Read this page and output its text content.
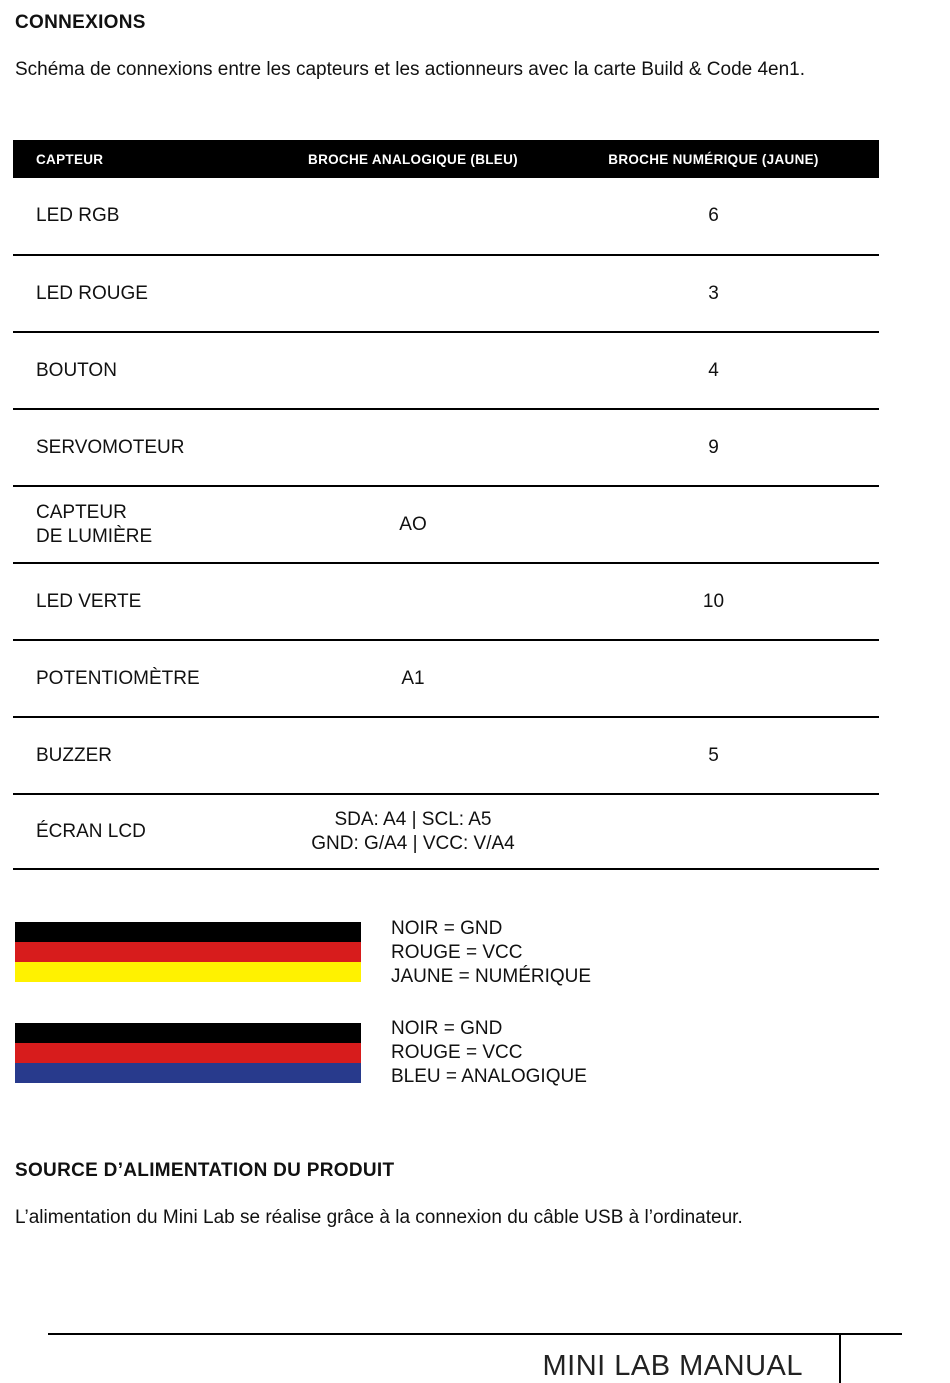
CONNEXIONS

Schéma de connexions entre les capteurs et les actionneurs avec la carte Build & Code 4en1.

CAPTEUR	BROCHE ANALOGIQUE (BLEU)	BROCHE NUMÉRIQUE (JAUNE)

LED RGB		6

LED ROUGE		3

BOUTON		4

SERVOMOTEUR		9

CAPTEUR
DE LUMIÈRE	AO	

LED VERTE		10

POTENTIOMÈTRE	A1	

BUZZER		5

ÉCRAN LCD	SDA: A4 | SCL: A5
GND: G/A4 | VCC: V/A4	

NOIR = GND
ROUGE = VCC
JAUNE = NUMÉRIQUE
NOIR = GND
ROUGE = VCC
BLEU = ANALOGIQUE
SOURCE D’ALIMENTATION DU PRODUIT

L’alimentation du Mini Lab se réalise grâce à la connexion du câble USB à l’ordinateur.

MINI LAB MANUAL
